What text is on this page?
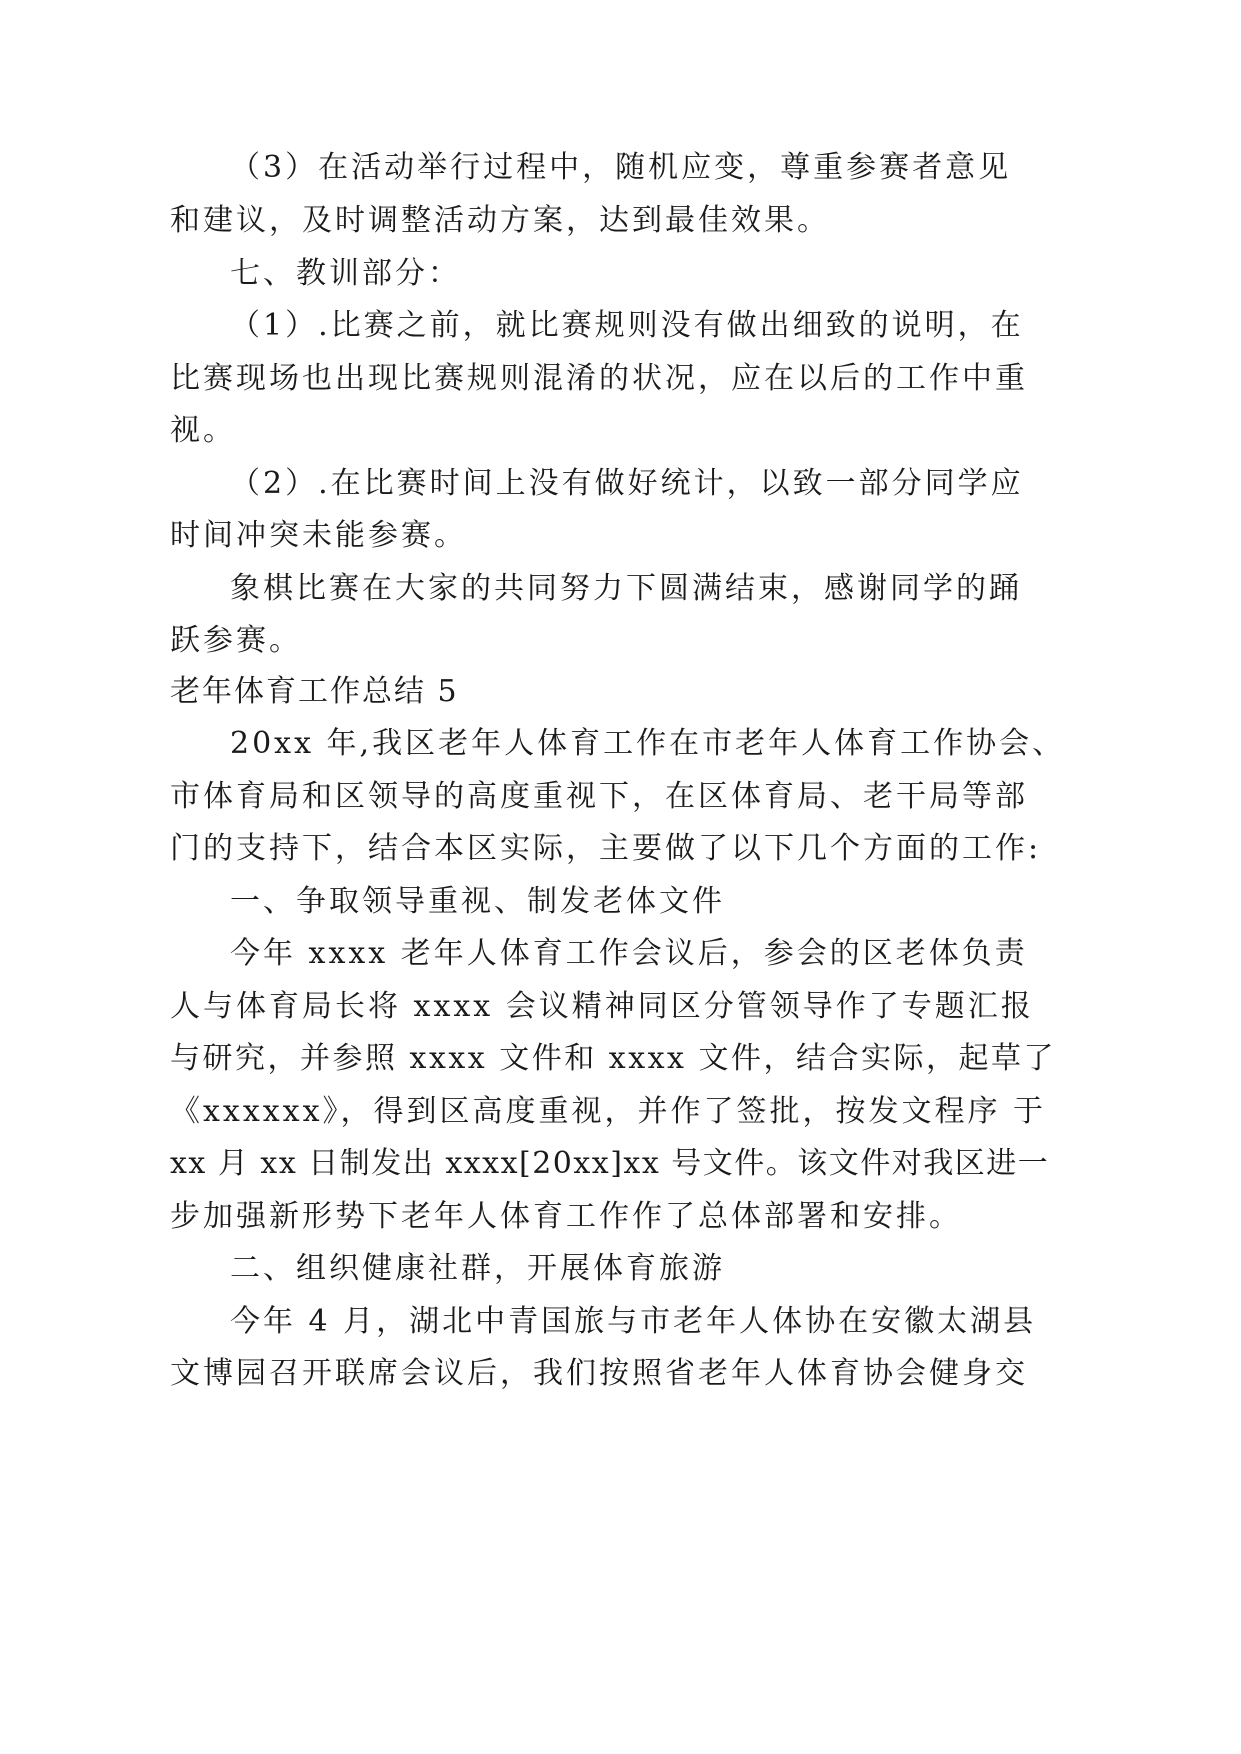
（3）在活动举行过程中，随机应变，尊重参赛者意见
和建议，及时调整活动方案，达到最佳效果。
七、教训部分：
（1）.比赛之前，就比赛规则没有做出细致的说明，在
比赛现场也出现比赛规则混淆的状况，应在以后的工作中重
视。
（2）.在比赛时间上没有做好统计，以致一部分同学应
时间冲突未能参赛。
象棋比赛在大家的共同努力下圆满结束，感谢同学的踊
跃参赛。
老年体育工作总结 5
20xx 年,我区老年人体育工作在市老年人体育工作协会、
市体育局和区领导的高度重视下，在区体育局、老干局等部
门的支持下，结合本区实际，主要做了以下几个方面的工作:
一、争取领导重视、制发老体文件
今年 xxxx 老年人体育工作会议后，参会的区老体负责
人与体育局长将 xxxx 会议精神同区分管领导作了专题汇报
与研究，并参照 xxxx 文件和 xxxx 文件，结合实际，起草了
《xxxxxx》，得到区高度重视，并作了签批，按发文程序 于
xx 月 xx 日制发出 xxxx[20xx]xx 号文件。该文件对我区进一
步加强新形势下老年人体育工作作了总体部署和安排。
二、组织健康社群，开展体育旅游
今年 4 月，湖北中青国旅与市老年人体协在安徽太湖县
文博园召开联席会议后，我们按照省老年人体育协会健身交
